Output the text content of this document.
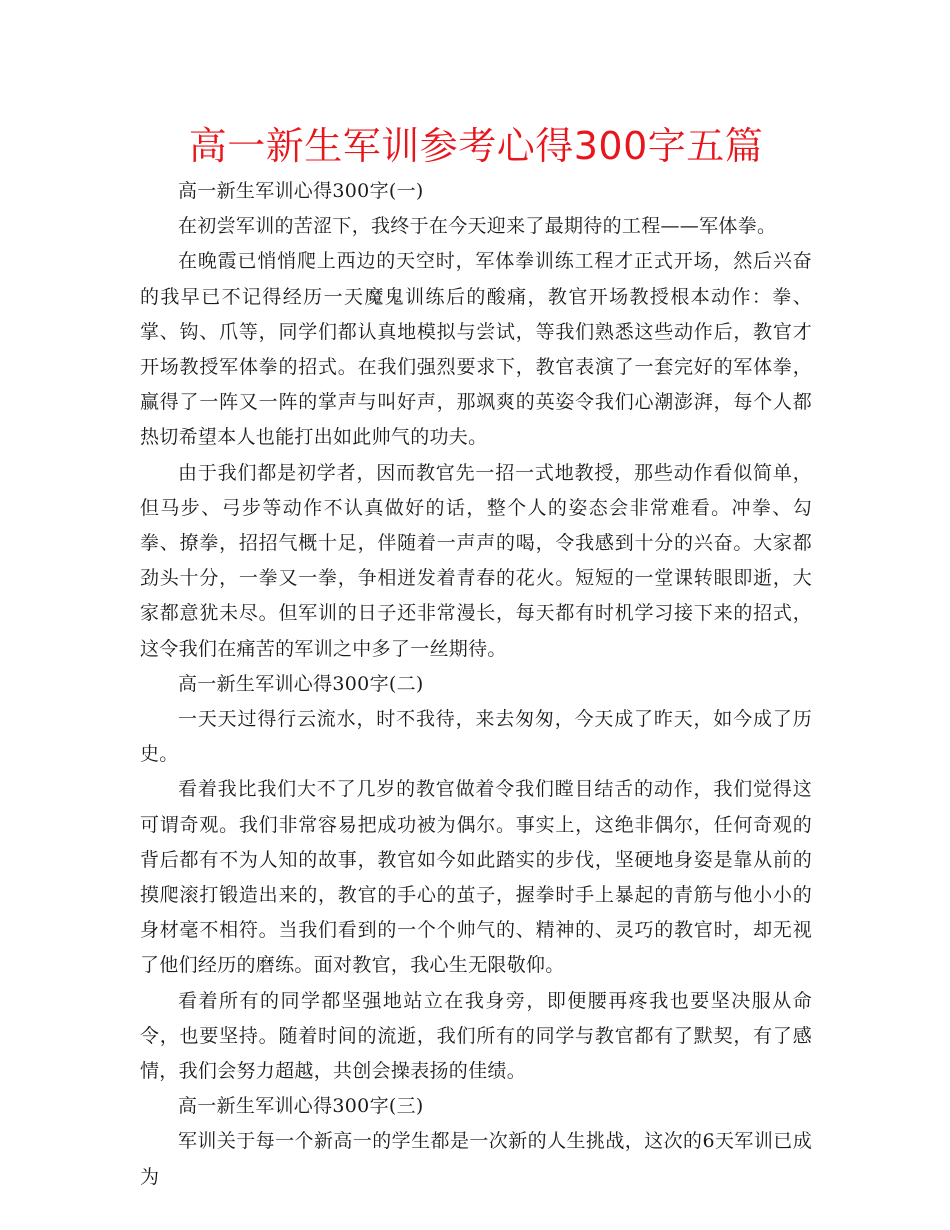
高一新生军训参考心得300字五篇

高一新生军训心得300字(一)

在初尝军训的苦涩下，我终于在今天迎来了最期待的工程——军体拳。

在晚霞已悄悄爬上西边的天空时，军体拳训练工程才正式开场，然后兴奋的我早已不记得经历一天魔鬼训练后的酸痛，教官开场教授根本动作：拳、掌、钩、爪等，同学们都认真地模拟与尝试，等我们熟悉这些动作后，教官才开场教授军体拳的招式。在我们强烈要求下，教官表演了一套完好的军体拳，赢得了一阵又一阵的掌声与叫好声，那飒爽的英姿令我们心潮澎湃，每个人都热切希望本人也能打出如此帅气的功夫。

由于我们都是初学者，因而教官先一招一式地教授，那些动作看似简单，但马步、弓步等动作不认真做好的话，整个人的姿态会非常难看。冲拳、勾拳、撩拳，招招气概十足，伴随着一声声的喝，令我感到十分的兴奋。大家都劲头十分，一拳又一拳，争相迸发着青春的花火。短短的一堂课转眼即逝，大家都意犹未尽。但军训的日子还非常漫长，每天都有时机学习接下来的招式，这令我们在痛苦的军训之中多了一丝期待。

高一新生军训心得300字(二)

一天天过得行云流水，时不我待，来去匆匆，今天成了昨天，如今成了历史。

看着我比我们大不了几岁的教官做着令我们瞠目结舌的动作，我们觉得这可谓奇观。我们非常容易把成功被为偶尔。事实上，这绝非偶尔，任何奇观的背后都有不为人知的故事，教官如今如此踏实的步伐，坚硬地身姿是靠从前的摸爬滚打锻造出来的，教官的手心的茧子，握拳时手上暴起的青筋与他小小的身材毫不相符。当我们看到的一个个帅气的、精神的、灵巧的教官时，却无视了他们经历的磨练。面对教官，我心生无限敬仰。

看着所有的同学都坚强地站立在我身旁，即便腰再疼我也要坚决服从命令，也要坚持。随着时间的流逝，我们所有的同学与教官都有了默契，有了感情，我们会努力超越，共创会操表扬的佳绩。

高一新生军训心得300字(三)

军训关于每一个新高一的学生都是一次新的人生挑战，这次的6天军训已成为
